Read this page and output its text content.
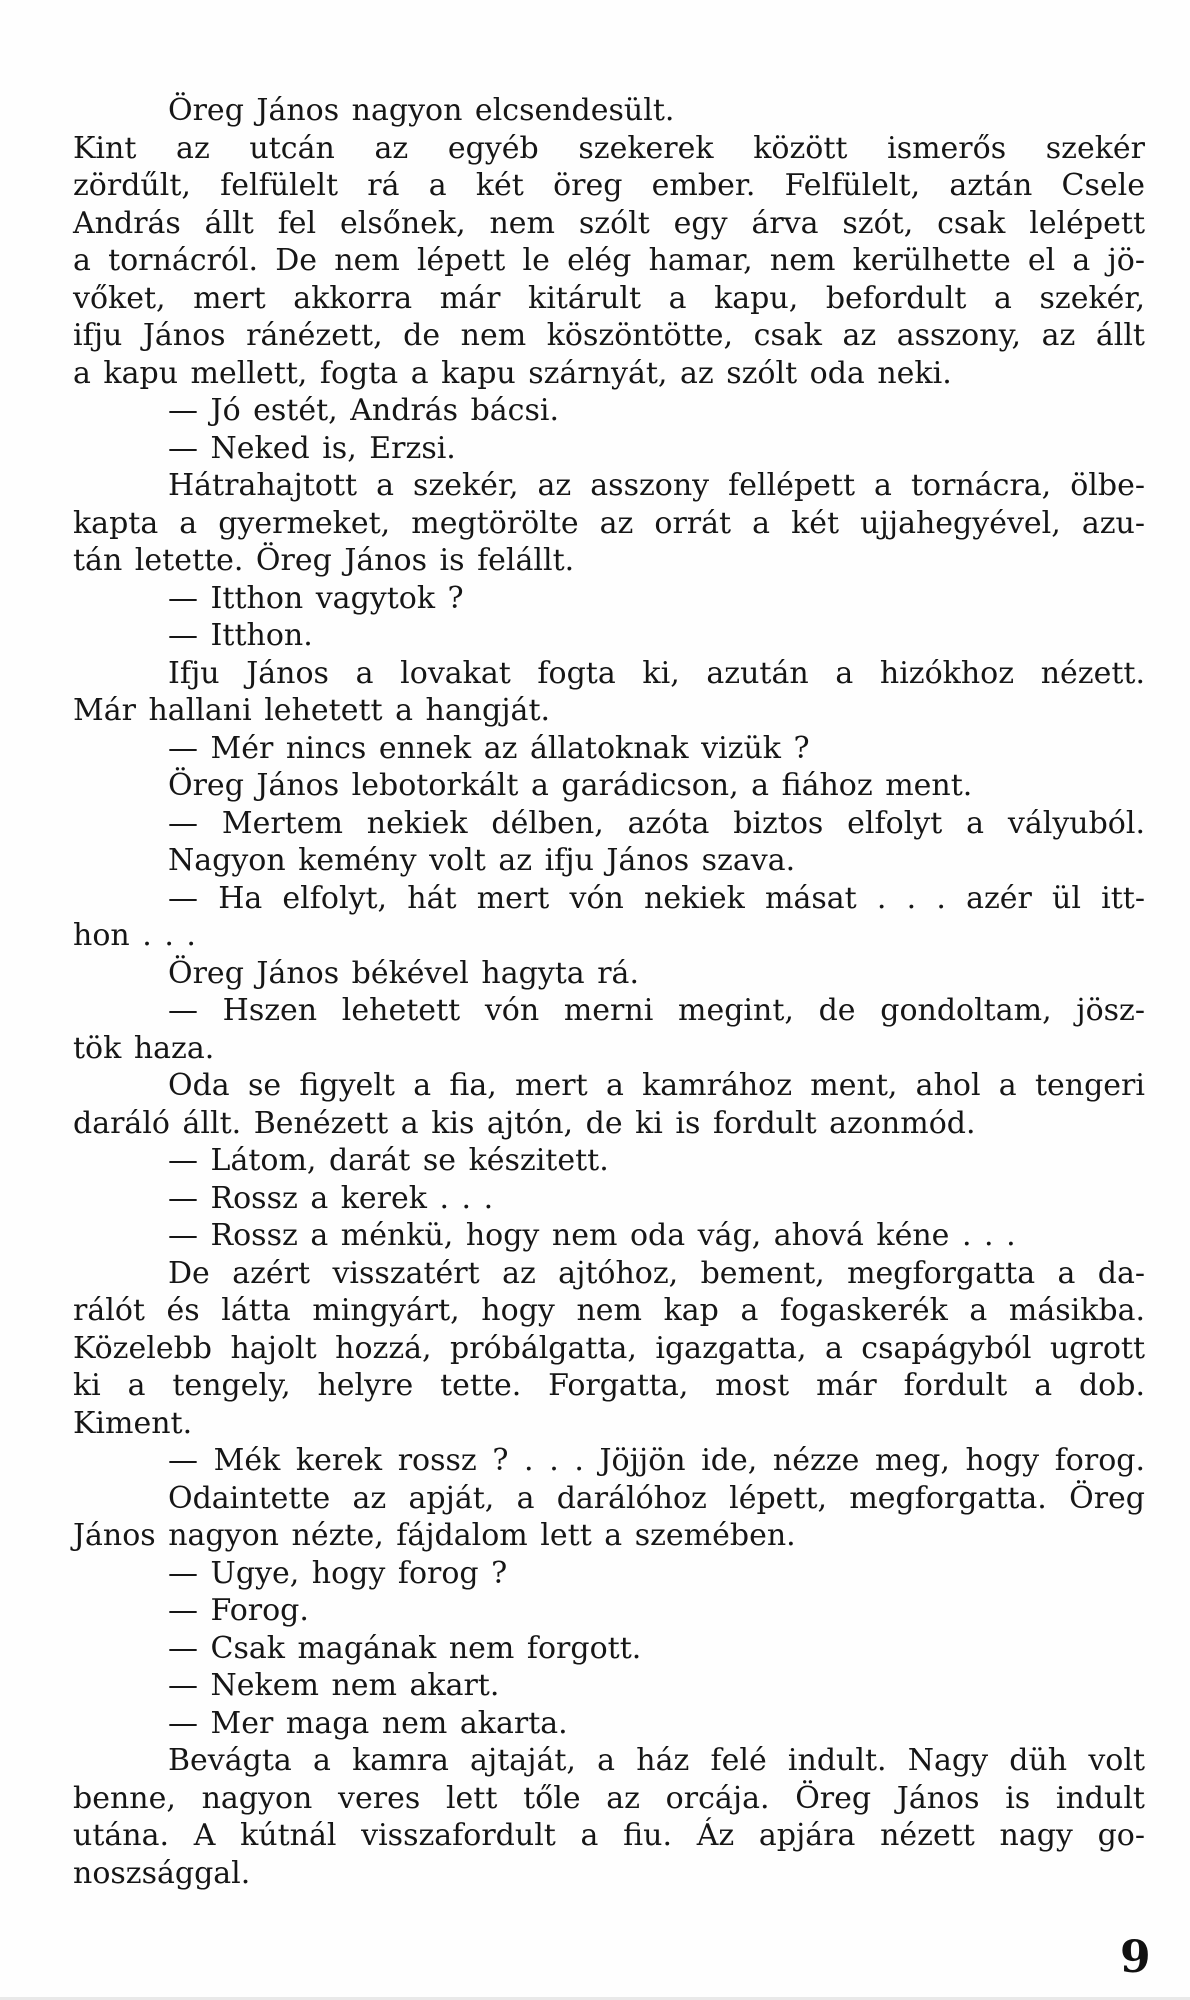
Öreg János nagyon elcsendesült.
Kint az utcán az egyéb szekerek között ismerős szekér
zördűlt, felfülelt rá a két öreg ember. Felfülelt, aztán Csele
András állt fel elsőnek, nem szólt egy árva szót, csak lelépett
a tornácról. De nem lépett le elég hamar, nem kerülhette el a jö-
vőket, mert akkorra már kitárult a kapu, befordult a szekér,
ifju János ránézett, de nem köszöntötte, csak az asszony, az állt
a kapu mellett, fogta a kapu szárnyát, az szólt oda neki.
— Jó estét, András bácsi.
— Neked is, Erzsi.
Hátrahajtott a szekér, az asszony fellépett a tornácra, ölbe-
kapta a gyermeket, megtörölte az orrát a két ujjahegyével, azu-
tán letette. Öreg János is felállt.
— Itthon vagytok ?
— Itthon.
Ifju János a lovakat fogta ki, azután a hizókhoz nézett.
Már hallani lehetett a hangját.
— Mér nincs ennek az állatoknak vizük ?
Öreg János lebotorkált a garádicson, a fiához ment.
— Mertem nekiek délben, azóta biztos elfolyt a vályuból.
Nagyon kemény volt az ifju János szava.
— Ha elfolyt, hát mert vón nekiek másat . . . azér ül itt-
hon . . .
Öreg János békével hagyta rá.
— Hszen lehetett vón merni megint, de gondoltam, jösz-
tök haza.
Oda se figyelt a fia, mert a kamrához ment, ahol a tengeri
daráló állt. Benézett a kis ajtón, de ki is fordult azonmód.
— Látom, darát se készitett.
— Rossz a kerek . . .
— Rossz a ménkü, hogy nem oda vág, ahová kéne . . .
De azért visszatért az ajtóhoz, bement, megforgatta a da-
rálót és látta mingyárt, hogy nem kap a fogaskerék a másikba.
Közelebb hajolt hozzá, próbálgatta, igazgatta, a csapágyból ugrott
ki a tengely, helyre tette. Forgatta, most már fordult a dob.
Kiment.
— Mék kerek rossz ? . . . Jöjjön ide, nézze meg, hogy forog.
Odaintette az apját, a darálóhoz lépett, megforgatta. Öreg
János nagyon nézte, fájdalom lett a szemében.
— Ugye, hogy forog ?
— Forog.
— Csak magának nem forgott.
— Nekem nem akart.
— Mer maga nem akarta.
Bevágta a kamra ajtaját, a ház felé indult. Nagy düh volt
benne, nagyon veres lett tőle az orcája. Öreg János is indult
utána. A kútnál visszafordult a fiu. Áz apjára nézett nagy go-
noszsággal.
9
